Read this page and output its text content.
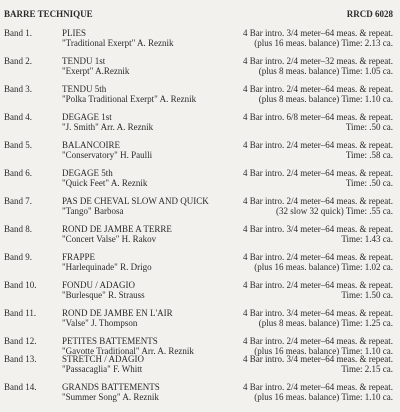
BARRE TECHNIQUE	RRCD 6028
Band 1.	PLIES
"Traditional Exerpt" A. Reznik
4 Bar intro. 3/4 meter–64 meas. & repeat.
(plus 16 meas. balance) Time: 2.13 ca.
Band 2.	TENDU 1st
"Exerpt" A.Reznik
4 Bar intro. 2/4 meter–32 meas. & repeat.
(plus 8 meas. balance) Time: 1.05 ca.
Band 3.	TENDU 5th
"Polka Traditional Exerpt" A. Reznik
4 Bar intro. 2/4 meter–64 meas. & repeat.
(plus 8 meas. balance) Time: 1.10 ca.
Band 4.	DEGAGE 1st
"J. Smith" Arr. A. Reznik
4 Bar intro. 6/8 meter–64 meas. & repeat.
Time: .50 ca.
Band 5.	BALANCOIRE
"Conservatory" H. Paulli
4 Bar intro. 2/4 meter–64 meas. & repeat.
Time: .58 ca.
Band 6.	DEGAGE 5th
"Quick Feet" A. Reznik
4 Bar intro. 2/4 meter–64 meas. & repeat.
Time: .50 ca.
Band 7.	PAS DE CHEVAL SLOW AND QUICK
"Tango" Barbosa
4 Bar intro. 2/4 meter–64 meas. & repeat.
(32 slow 32 quick) Time: .55 ca.
Band 8.	ROND DE JAMBE A TERRE
"Concert Valse" H. Rakov
4 Bar intro. 3/4 meter–64 meas. & repeat.
Time: 1.43 ca.
Band 9.	FRAPPE
"Harlequinade" R. Drigo
4 Bar intro. 2/4 meter–64 meas. & repeat.
(plus 16 meas. balance) Time: 1.02 ca.
Band 10.	FONDU / ADAGIO
"Burlesque" R. Strauss
4 Bar intro. 2/4 meter–64 meas. & repeat.
Time: 1.50 ca.
Band 11.	ROND DE JAMBE EN L'AIR
"Valse" J. Thompson
4 Bar intro. 3/4 meter–64 meas. & repeat.
(plus 8 meas. balance) Time: 1.25 ca.
Band 12.	PETITES BATTEMENTS
"Gavotte Traditional" Arr. A. Reznik
4 Bar intro. 2/4 meter–64 meas. & repeat.
(plus 16 meas. balance) Time: 1.10 ca.
Band 13.	STRETCH / ADAGIO
"Passacaglia" F. Whitt
4 Bar intro. 3/4 meter–64 meas. & repeat.
Time: 2.15 ca.
Band 14.	GRANDS BATTEMENTS
"Summer Song" A. Reznik
4 Bar intro. 2/4 meter–64 meas. & repeat.
(plus 16 meas. balance) Time: 1.10 ca.
